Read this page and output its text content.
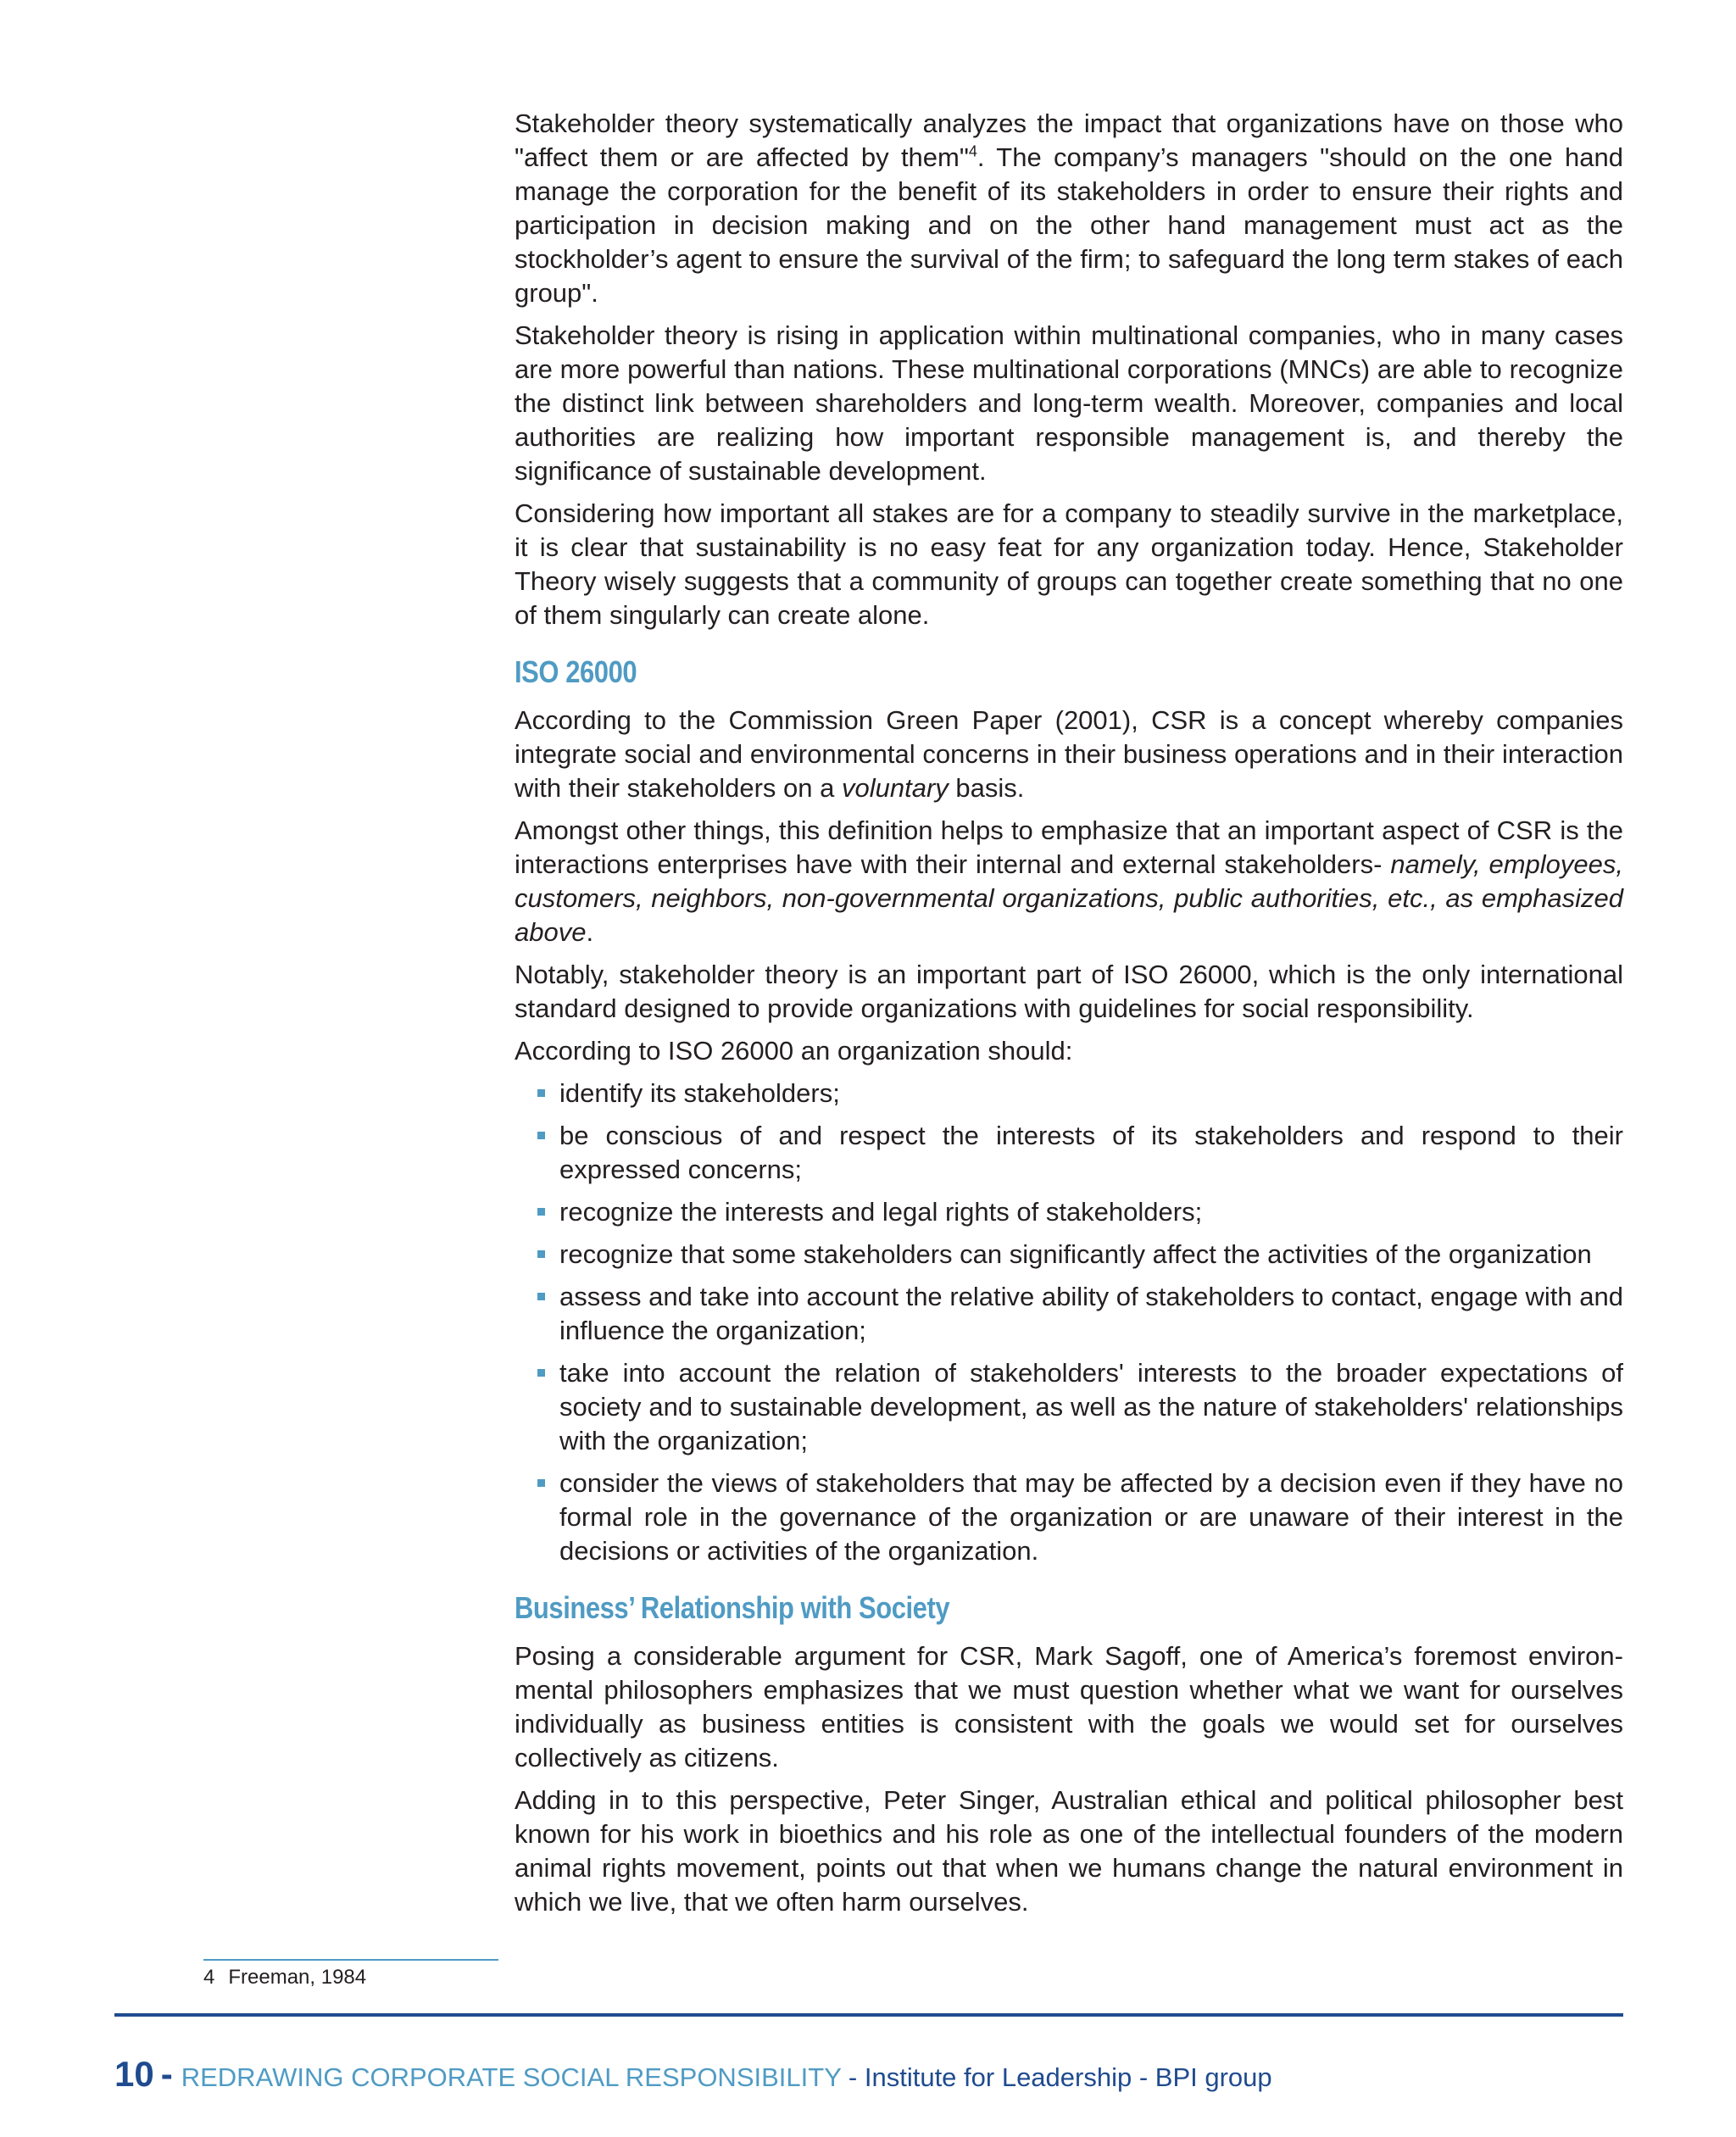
Stakeholder theory systematically analyzes the impact that organizations have on those who "affect them or are affected by them"$^4$. The company’s managers "should on the one hand manage the corporation for the benefit of its stakeholders in order to ensure their rights and participation in decision making and on the other hand management must act as the stockholder’s agent to ensure the survival of the firm; to safeguard the long term stakes of each group".

Stakeholder theory is rising in application within multinational companies, who in many cases are more powerful than nations. These multinational corporations (MNCs) are able to recognize the distinct link between shareholders and long-term wealth. Moreover, companies and local authorities are realizing how important responsible management is, and thereby the significance of sustainable development.

Considering how important all stakes are for a company to steadily survive in the marketplace, it is clear that sustainability is no easy feat for any organization today. Hence, Stakeholder Theory wisely suggests that a community of groups can together create something that no one of them singularly can create alone.

ISO 26000

According to the Commission Green Paper (2001), CSR is a concept whereby companies integrate social and environmental concerns in their business operations and in their interaction with their stakeholders on a voluntary basis.

Amongst other things, this definition helps to emphasize that an important aspect of CSR is the interactions enterprises have with their internal and external stakeholders- namely, employees, customers, neighbors, non-governmental organizations, public authorities, etc., as emphasized above.

Notably, stakeholder theory is an important part of ISO 26000, which is the only international standard designed to provide organizations with guidelines for social responsibility.

According to ISO 26000 an organization should:

identify its stakeholders;
be conscious of and respect the interests of its stakeholders and respond to their expressed concerns;
recognize the interests and legal rights of stakeholders;
recognize that some stakeholders can significantly affect the activities of the organization
assess and take into account the relative ability of stakeholders to contact, engage with and influence the organization;
take into account the relation of stakeholders' interests to the broader expectations of society and to sustainable development, as well as the nature of stakeholders' relationships with the organization;
consider the views of stakeholders that may be affected by a decision even if they have no formal role in the governance of the organization or are unaware of their interest in the decisions or activities of the organization.
Business’ Relationship with Society

Posing a considerable argument for CSR, Mark Sagoff, one of America’s foremost environmental philosophers emphasizes that we must question whether what we want for ourselves individually as business entities is consistent with the goals we would set for ourselves collectively as citizens.

Adding in to this perspective, Peter Singer, Australian ethical and political philosopher best known for his work in bioethics and his role as one of the intellectual founders of the modern animal rights movement, points out that when we humans change the natural environment in which we live, that we often harm ourselves.

4 Freeman, 1984
10 - REDRAWING CORPORATE SOCIAL RESPONSIBILITY - Institute for Leadership - BPI group
